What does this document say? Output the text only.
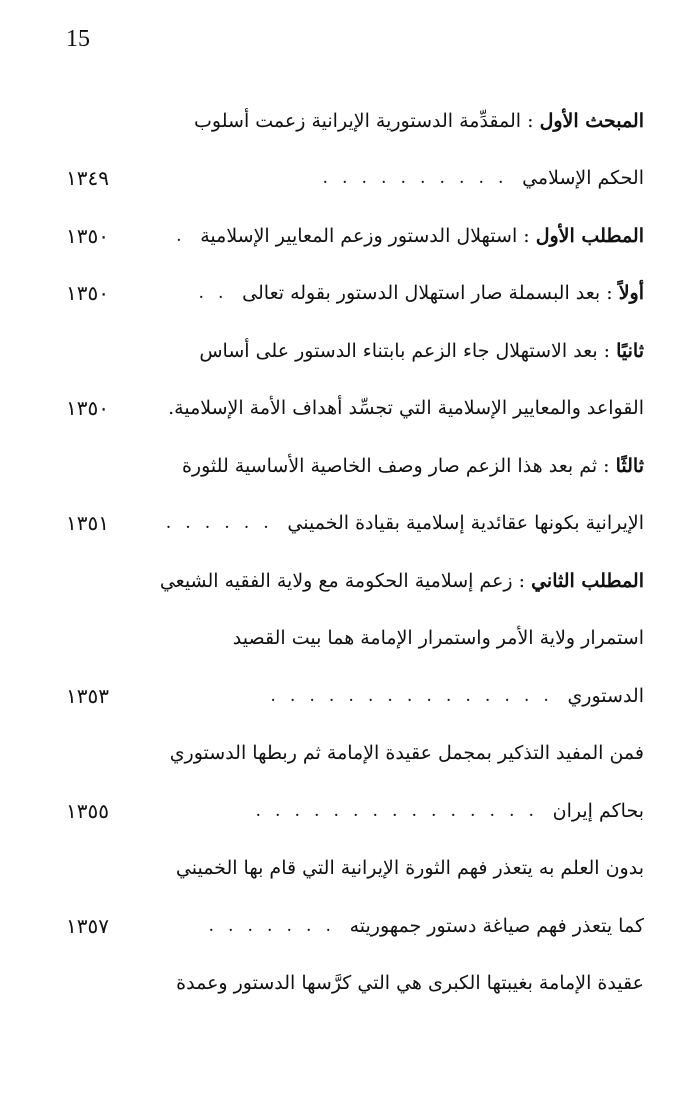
15
المبحث الأول : المقدِّمة الدستورية الإيرانية زعمت أسلوب
الحكم الإسلامي
. . . . . . . . . .
١٣٤٩
المطلب الأول : استهلال الدستور وزعم المعايير الإسلامية
.
١٣٥٠
أولاً : بعد البسملة صار استهلال الدستور بقوله تعالى
. .
١٣٥٠
ثانيًا : بعد الاستهلال جاء الزعم بابتناء الدستور على أساس
القواعد والمعايير الإسلامية التي تجسِّد أهداف الأمة الإسلامية.
١٣٥٠
ثالثًا : ثم بعد هذا الزعم صار وصف الخاصية الأساسية للثورة
الإيرانية بكونها عقائدية إسلامية بقيادة الخميني
. . . . . .
١٣٥١
المطلب الثاني : زعم إسلامية الحكومة مع ولاية الفقيه الشيعي
استمرار ولاية الأمر واستمرار الإمامة هما بيت القصيد
الدستوري
. . . . . . . . . . . . . . .
١٣٥٣
فمن المفيد التذكير بمجمل عقيدة الإمامة ثم ربطها الدستوري
بحاكم إيران
. . . . . . . . . . . . . . .
١٣٥٥
بدون العلم به يتعذر فهم الثورة الإيرانية التي قام بها الخميني
كما يتعذر فهم صياغة دستور جمهوريته
. . . . . . .
١٣٥٧
عقيدة الإمامة بغيبتها الكبرى هي التي كرَّسها الدستور وعمدة
